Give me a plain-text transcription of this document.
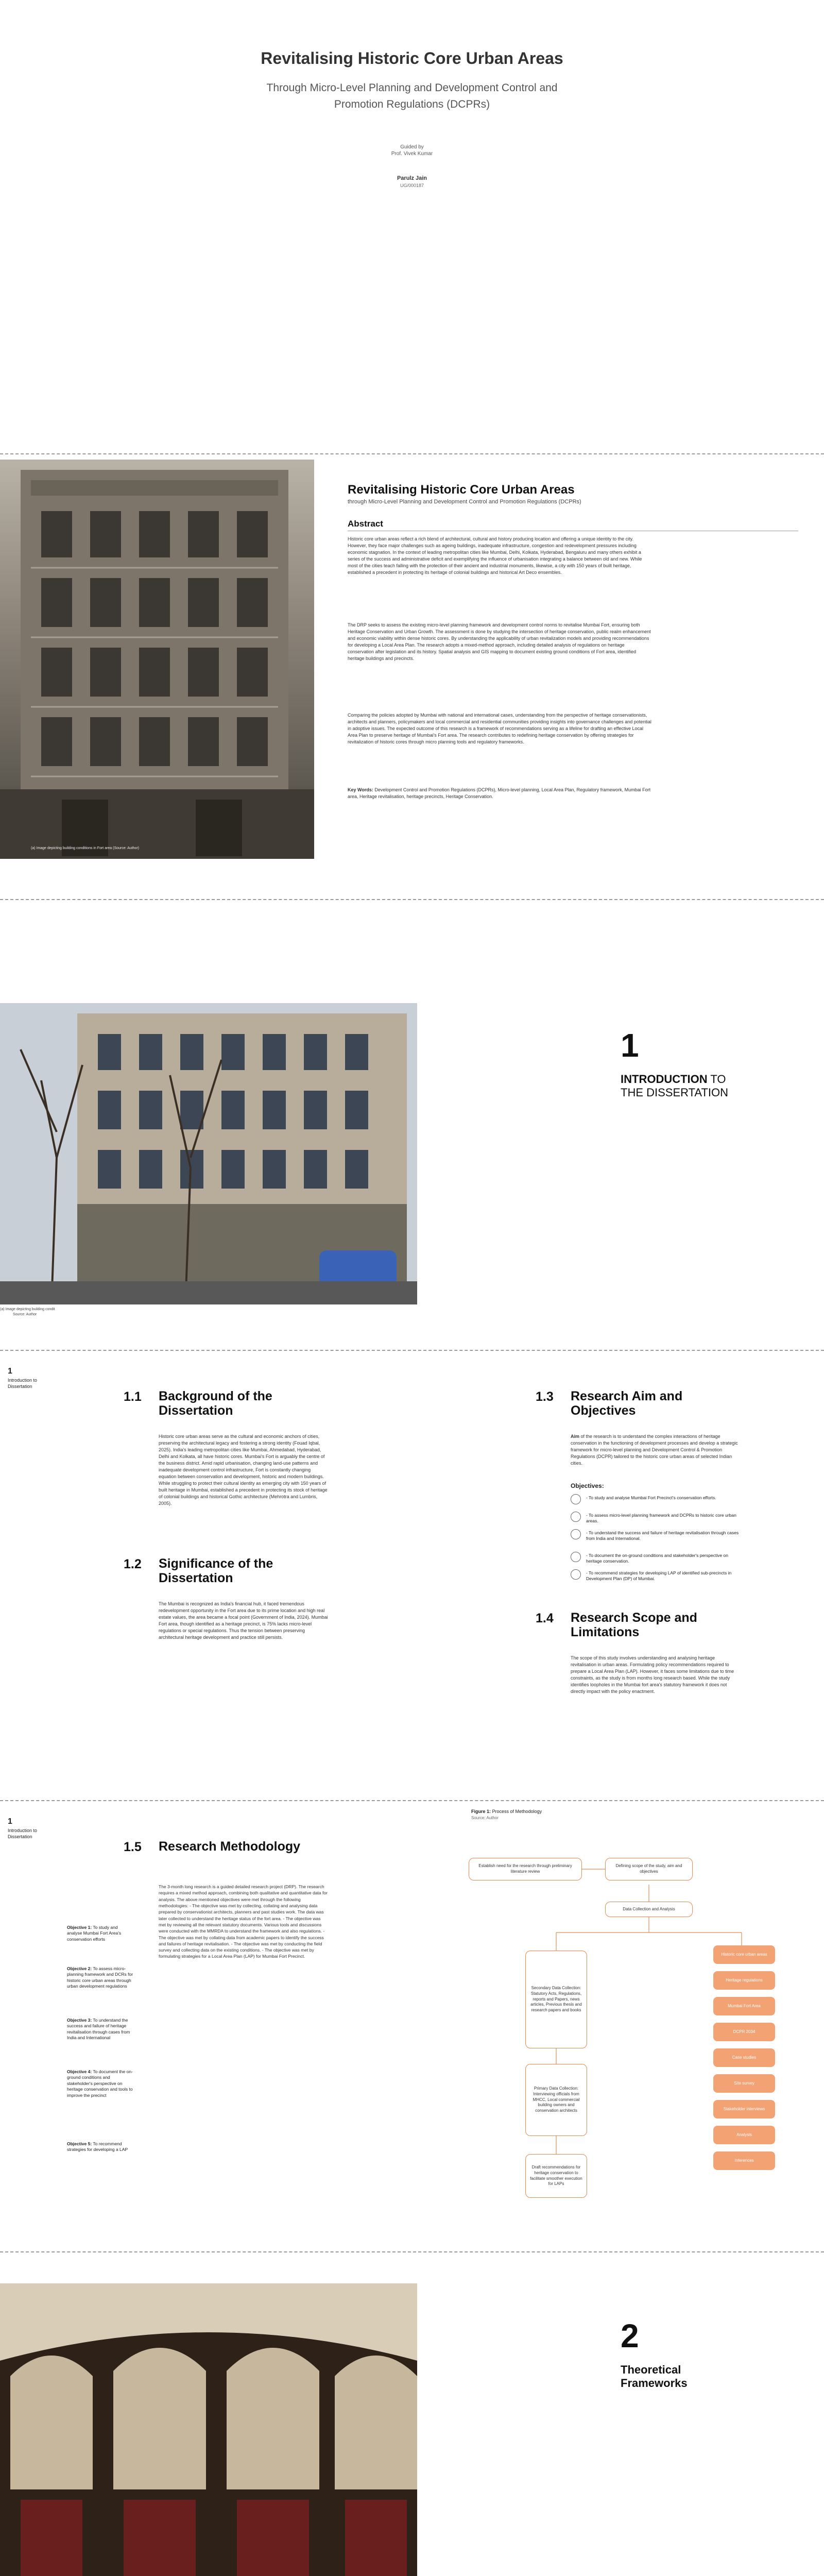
Revitalising Historic Core Urban Areas
Through Micro-Level Planning and Development Control and Promotion Regulations (DCPRs)
Guided by
Prof. Vivek Kumar
Parulz Jain
UG/000187
(a) Image depicting building conditions in Fort area (Source: Author)
Revitalising Historic Core Urban Areas
through Micro-Level Planning and Development Control and Promotion Regulations (DCPRs)
Abstract
Historic core urban areas reflect a rich blend of architectural, cultural and history producing location and offering a unique identity to the city. However, they face major challenges such as ageing buildings, inadequate infrastructure, congestion and redevelopment pressures including economic stagnation. In the context of leading metropolitan cities like Mumbai, Delhi, Kolkata, Hyderabad, Bengaluru and many others exhibit a series of the success and administrative deficit and exemplifying the influence of urbanisation integrating a balance between old and new. While most of the cities teach falling with the protection of their ancient and industrial monuments, likewise, a city with 150 years of built heritage, established a precedent in protecting its heritage of colonial buildings and historical Art Deco ensembles.
The DRP seeks to assess the existing micro-level planning framework and development control norms to revitalise Mumbai Fort, ensuring both Heritage Conservation and Urban Growth. The assessment is done by studying the intersection of heritage conservation, public realm enhancement and economic viability within dense historic cores. By understanding the applicability of urban revitalization models and providing recommendations for developing a Local Area Plan. The research adopts a mixed-method approach, including detailed analysis of regulations on heritage conservation after legislation and its history. Spatial analysis and GIS mapping to document existing ground conditions of Fort area, identified heritage buildings and precincts.
Comparing the policies adopted by Mumbai with national and international cases, understanding from the perspective of heritage conservationists, architects and planners, policymakers and local commercial and residential communities providing insights into governance challenges and potential in adoptive issues. The expected outcome of this research is a framework of recommendations serving as a lifeline for drafting an effective Local Area Plan to preserve heritage of Mumbai's Fort area. The research contributes to redefining heritage conservation by offering strategies for revitalization of historic cores through micro planning tools and regulatory frameworks.
Key Words: Development Control and Promotion Regulations (DCPRs), Micro-level planning, Local Area Plan, Regulatory framework, Mumbai Fort area, Heritage revitalisation, heritage precincts, Heritage Conservation.
(a) Image depicting building condit
Source: Author
1
INTRODUCTION TO
THE DISSERTATION
1
Introduction to Dissertation
1.1 Background of the Dissertation
Historic core urban areas serve as the cultural and economic anchors of cities, preserving the architectural legacy and fostering a strong identity (Fouad Iqbal, 2025). India's leading metropolitan cities like Mumbai, Ahmedabad, Hyderabad, Delhi and Kolkata, all have historic cores. Mumbai's Fort is arguably the centre of the business district. Amid rapid urbanisation, changing land-use patterns and inadequate development control infrastructure, Fort is constantly changing equation between conservation and development, historic and modern buildings. While struggling to protect their cultural identity as emerging city with 150 years of built heritage in Mumbai, established a precedent in protecting its stock of heritage of colonial buildings and historical Gothic architecture (Mehrotra and Lumbris, 2005).
1.2 Significance of the Dissertation
The Mumbai is recognized as India's financial hub, it faced tremendous redevelopment opportunity in the Fort area due to its prime location and high real estate values, the area became a focal point (Government of India, 2024). Mumbai Fort area, though identified as a heritage precinct, is 75% lacks micro-level regulations or special regulations. Thus the tension between preserving architectural heritage development and practice still persists.
1.3 Research Aim and Objectives
Aim of the research is to understand the complex interactions of heritage conservation in the functioning of development processes and develop a strategic framework for micro-level planning and Development Control & Promotion Regulations (DCPR) tailored to the historic core urban areas of selected Indian cities.
Objectives:
- To study and analyse Mumbai Fort Precinct's conservation efforts.
- To assess micro-level planning framework and DCPRs to historic core urban areas.
- To understand the success and failure of heritage revitalisation through cases from India and International.
- To document the on-ground conditions and stakeholder's perspective on heritage conservation.
- To recommend strategies for developing LAP of identified sub-precincts in Development Plan (DP) of Mumbai.
1.4 Research Scope and Limitations
The scope of this study involves understanding and analysing heritage revitalisation in urban areas. Formulating policy recommendations required to prepare a Local Area Plan (LAP). However, it faces some limitations due to time constraints, as the study is from months long research based. While the study identifies loopholes in the Mumbai fort area's statutory framework it does not directly impact with the policy enactment.
1
Introduction to Dissertation
1.5 Research Methodology
Objective 1: To study and analyse Mumbai Fort Area's conservation efforts
Objective 2: To assess micro-planning framework and DCRs for historic core urban areas through urban development regulations
Objective 3: To understand the success and failure of heritage revitalisation through cases from India and International
Objective 4: To document the on-ground conditions and stakeholder's perspective on heritage conservation and tools to improve the precinct
Objective 5: To recommend strategies for developing a LAP
The 3-month long research is a guided detailed research project (DRP). The research requires a mixed method approach, combining both qualitative and quantitative data for analysis. The above mentioned objectives were met through the following methodologies: - The objective was met by collecting, collating and analysing data prepared by conservationist architects, planners and past studies work. The data was later collected to understand the heritage status of the fort area. - The objective was met by reviewing all the relevant statutory documents. Various tools and discussions were conducted with the MMRDA to understand the framework and also regulations. - The objective was met by collating data from academic papers to identify the success and failures of heritage revitalisation. - The objective was met by conducting the field survey and collecting data on the existing conditions. - The objective was met by formulating strategies for a Local Area Plan (LAP) for Mumbai Fort Precinct.
Figure 1: Process of Methodology
Source: Author
Establish need for the research through preliminary literature review
Defining scope of the study, aim and objectives
Data Collection and Analysis
Secondary Data Collection: Statutory Acts, Regulations, reports and Papers, news articles, Previous thesis and research papers and books
Primary Data Collection: Interviewing officials from MHCC, Local commercial building owners and conservation architects
Draft recommendations for heritage conservation to facilitate smoother execution for LAPs
Historic core urban areas
Heritage regulations
Mumbai Fort Area
DCPR 2034
Case studies
Site survey
Stakeholder interviews
Analysis
Inferences
2
Theoretical
Frameworks
